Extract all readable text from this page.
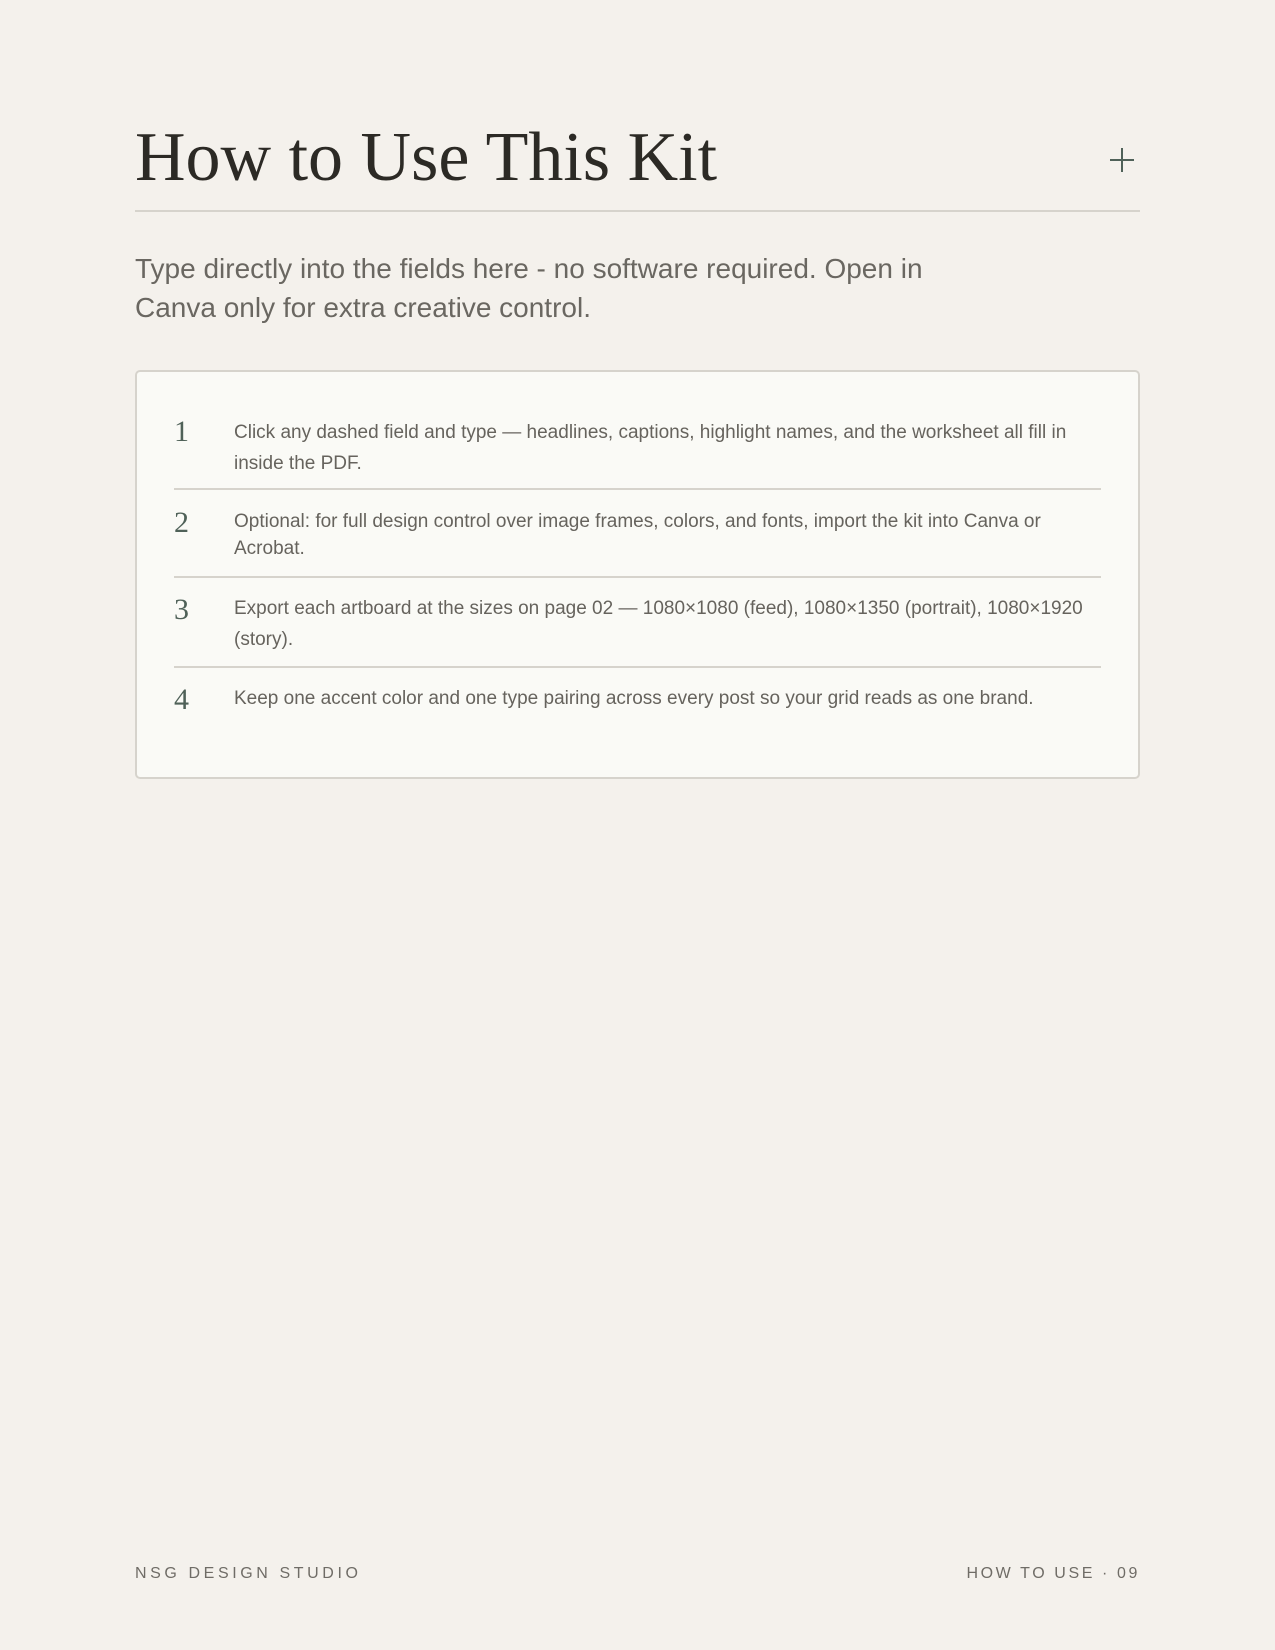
How to Use This Kit

Type directly into the fields here - no software required. Open in Canva only for extra creative control.

1 Click any dashed field and type — headlines, captions, highlight names, and the worksheet all fill in inside the PDF.
2 Optional: for full design control over image frames, colors, and fonts, import the kit into Canva or Acrobat.
3 Export each artboard at the sizes on page 02 — 1080×1080 (feed), 1080×1350 (portrait), 1080×1920 (story).
4 Keep one accent color and one type pairing across every post so your grid reads as one brand.
NSG DESIGN STUDIO	HOW TO USE · 09
